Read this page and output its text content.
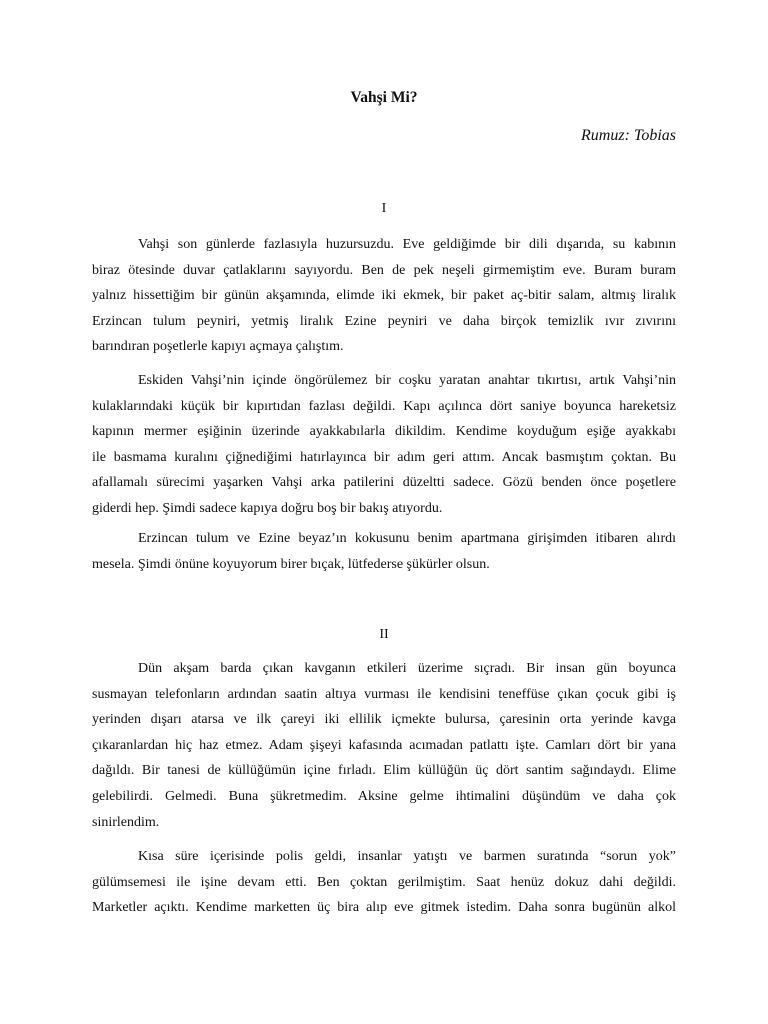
Vahşi Mi?
Rumuz: Tobias
I
Vahşi son günlerde fazlasıyla huzursuzdu. Eve geldiğimde bir dili dışarıda, su kabının
biraz ötesinde duvar çatlaklarını sayıyordu. Ben de pek neşeli girmemiştim eve. Buram buram
yalnız hissettiğim bir günün akşamında, elimde iki ekmek, bir paket aç-bitir salam, altmış liralık
Erzincan tulum peyniri, yetmiş liralık Ezine peyniri ve daha birçok temizlik ıvır zıvırını
barındıran poşetlerle kapıyı açmaya çalıştım.
Eskiden Vahşi’nin içinde öngörülemez bir coşku yaratan anahtar tıkırtısı, artık Vahşi’nin
kulaklarındaki küçük bir kıpırtıdan fazlası değildi. Kapı açılınca dört saniye boyunca hareketsiz
kapının mermer eşiğinin üzerinde ayakkabılarla dikildim. Kendime koyduğum eşiğe ayakkabı
ile basmama kuralını çiğnediğimi hatırlayınca bir adım geri attım. Ancak basmıştım çoktan. Bu
afallamalı sürecimi yaşarken Vahşi arka patilerini düzeltti sadece. Gözü benden önce poşetlere
giderdi hep. Şimdi sadece kapıya doğru boş bir bakış atıyordu.
Erzincan tulum ve Ezine beyaz’ın kokusunu benim apartmana girişimden itibaren alırdı
mesela. Şimdi önüne koyuyorum birer bıçak, lütfederse şükürler olsun.
II
Dün akşam barda çıkan kavganın etkileri üzerime sıçradı. Bir insan gün boyunca
susmayan telefonların ardından saatin altıya vurması ile kendisini teneffüse çıkan çocuk gibi iş
yerinden dışarı atarsa ve ilk çareyi iki ellilik içmekte bulursa, çaresinin orta yerinde kavga
çıkaranlardan hiç haz etmez. Adam şişeyi kafasında acımadan patlattı işte. Camları dört bir yana
dağıldı. Bir tanesi de küllüğümün içine fırladı. Elim küllüğün üç dört santim sağındaydı. Elime
gelebilirdi. Gelmedi. Buna şükretmedim. Aksine gelme ihtimalini düşündüm ve daha çok
sinirlendim.
Kısa süre içerisinde polis geldi, insanlar yatıştı ve barmen suratında “sorun yok”
gülümsemesi ile işine devam etti. Ben çoktan gerilmiştim. Saat henüz dokuz dahi değildi.
Marketler açıktı. Kendime marketten üç bira alıp eve gitmek istedim. Daha sonra bugünün alkol
